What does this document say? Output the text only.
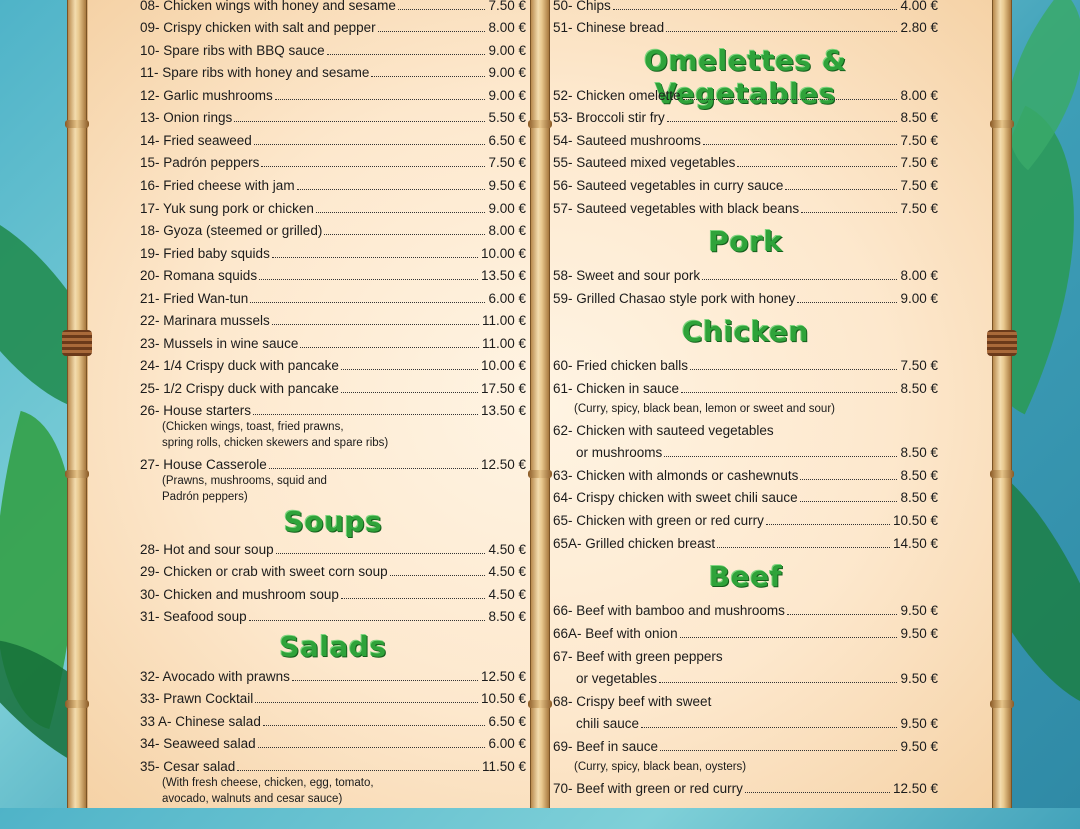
08- Chicken wings with honey and sesame	7.50 €
09- Crispy chicken with salt and pepper	8.00 €
10- Spare ribs with BBQ sauce	9.00 €
11- Spare ribs with honey and sesame	9.00 €
12- Garlic mushrooms	9.00 €
13- Onion rings	5.50 €
14- Fried seaweed	6.50 €
15- Padrón peppers	7.50 €
16- Fried cheese with jam	9.50 €
17- Yuk sung pork or chicken	9.00 €
18- Gyoza (steemed or grilled)	8.00 €
19- Fried baby squids	10.00 €
20- Romana squids	13.50 €
21- Fried Wan-tun	6.00 €
22- Marinara mussels	11.00 €
23- Mussels in wine sauce	11.00 €
24- 1/4 Crispy duck with pancake	10.00 €
25- 1/2 Crispy duck with pancake	17.50 €
26- House starters	13.50 €
(Chicken wings, toast, fried prawns,
spring rolls, chicken skewers and spare ribs)
27- House Casserole	12.50 €
(Prawns, mushrooms, squid and
Padrón peppers)
Soups
28- Hot and sour soup	4.50 €
29- Chicken or crab with sweet corn soup	4.50 €
30- Chicken and mushroom soup	4.50 €
31- Seafood soup	8.50 €
Salads
32- Avocado with prawns	12.50 €
33- Prawn Cocktail	10.50 €
33 A- Chinese salad	6.50 €
34- Seaweed salad	6.00 €
35- Cesar salad	11.50 €
(With fresh cheese, chicken, egg, tomato,
avocado, walnuts and cesar sauce)
50- Chips	4.00 €
51- Chinese bread	2.80 €
Omelettes & Vegetables
52- Chicken omelette	8.00 €
53- Broccoli stir fry	8.50 €
54- Sauteed mushrooms	7.50 €
55- Sauteed mixed vegetables	7.50 €
56- Sauteed vegetables in curry sauce	7.50 €
57- Sauteed vegetables with black beans	7.50 €
Pork
58- Sweet and sour pork	8.00 €
59- Grilled Chasao style pork with honey	9.00 €
Chicken
60- Fried chicken balls	7.50 €
61- Chicken in sauce	8.50 €
(Curry, spicy, black bean, lemon or sweet and sour)
62- Chicken with sauteed vegetables
or mushrooms	8.50 €
63- Chicken with almonds or cashewnuts	8.50 €
64- Crispy chicken with sweet chili sauce	8.50 €
65- Chicken with green or red curry	10.50 €
65A- Grilled chicken breast	14.50 €
Beef
66- Beef with bamboo and mushrooms	9.50 €
66A- Beef with onion	9.50 €
67- Beef with green peppers
or vegetables	9.50 €
68- Crispy beef with sweet
chili sauce	9.50 €
69- Beef in sauce	9.50 €
(Curry, spicy, black bean, oysters)
70- Beef with green or red curry	12.50 €
